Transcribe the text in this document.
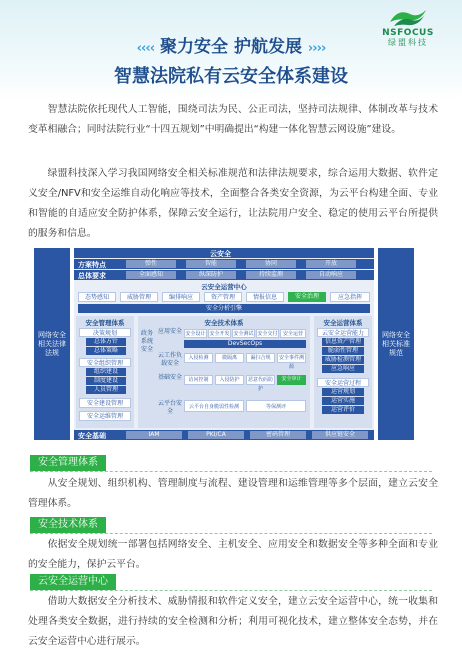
NSFOCUS
绿盟科技
‹‹‹‹ 聚力安全 护航发展 ››››
智慧法院私有云安全体系建设
智慧法院依托现代人工智能，围绕司法为民、公正司法，坚持司法规律、体制改革与技术变革相融合；同时法院行业“十四五规划”中明确提出“构建一体化智慧云网设施”建设。
绿盟科技深入学习我国网络安全相关标准规范和法律法规要求，综合运用大数据、软件定义安全/NFV和安全运维自动化响应等技术，全面整合各类安全资源，为云平台构建全面、专业和智能的自适应安全防护体系，保障云安全运行，让法院用户安全、稳定的使用云平台所提供的服务和信息。
网络安全相关法律法规
网络安全相关标准规范
云安全
方案特点	弹性	智能	协同	开放
总体要求	全面感知	纵深防护	持续监测	自动响应
云安全运营中心
态势感知	威胁管理	编排响应	资产管理	情报信息	安全治理	应急指挥
安全分析引擎
安全管理体系
决策规划
总体方针
总体策略
安全组织管理
组织建设
制度建设
人员管理
安全建设管理
安全运维管理
安全技术体系
政务系统安全
应用安全 安全设计 安全开发 安全测试 安全交付	安全运营
DevSecOps
云工作负载安全
入侵检测	微隔离	漏扫合规	安全事件溯源
基础安全	访问控制	入侵防护	恶意代码防护
安全审计
云平台安全
云平台自身脆弱性检测	等保测评
安全运营体系
云安全运营能力
信息资产管理
脆弱性管理
威胁检测管理
应急响应
安全运营过程
运营规划
运营实施
运营评价
安全基础	IAM	PKI/CA	密码管理	供应链安全
安全管理体系
从安全规划、组织机构、管理制度与流程、建设管理和运维管理等多个层面，建立云安全管理体系。
安全技术体系
依据安全规划统一部署包括网络安全、主机安全、应用安全和数据安全等多种全面和专业的安全能力，保护云平台。
云安全运营中心
借助大数据安全分析技术、威胁情报和软件定义安全，建立云安全运营中心，统一收集和处理各类安全数据，进行持续的安全检测和分析；利用可视化技术，建立整体安全态势，并在云安全运营中心进行展示。
